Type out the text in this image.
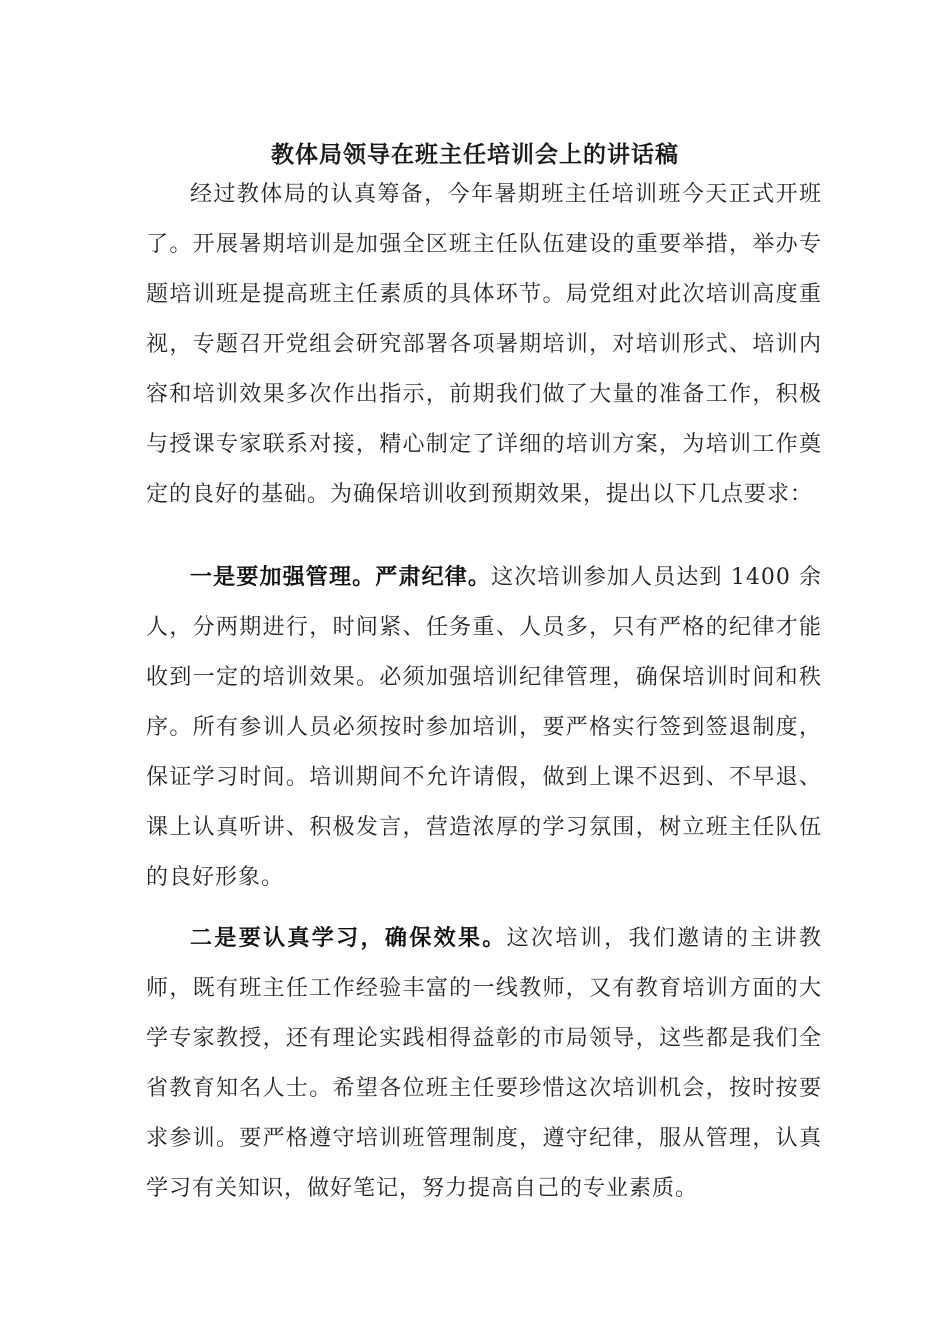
教体局领导在班主任培训会上的讲话稿

经过教体局的认真筹备，今年暑期班主任培训班今天正式开班了。开展暑期培训是加强全区班主任队伍建设的重要举措，举办专题培训班是提高班主任素质的具体环节。局党组对此次培训高度重视，专题召开党组会研究部署各项暑期培训，对培训形式、培训内容和培训效果多次作出指示，前期我们做了大量的准备工作，积极与授课专家联系对接，精心制定了详细的培训方案，为培训工作奠定的良好的基础。为确保培训收到预期效果，提出以下几点要求：

一是要加强管理。严肃纪律。这次培训参加人员达到 1400 余人，分两期进行，时间紧、任务重、人员多，只有严格的纪律才能收到一定的培训效果。必须加强培训纪律管理，确保培训时间和秩序。所有参训人员必须按时参加培训，要严格实行签到签退制度，保证学习时间。培训期间不允许请假，做到上课不迟到、不早退、课上认真听讲、积极发言，营造浓厚的学习氛围，树立班主任队伍的良好形象。

二是要认真学习，确保效果。这次培训，我们邀请的主讲教师，既有班主任工作经验丰富的一线教师，又有教育培训方面的大学专家教授，还有理论实践相得益彰的市局领导，这些都是我们全省教育知名人士。希望各位班主任要珍惜这次培训机会，按时按要求参训。要严格遵守培训班管理制度，遵守纪律，服从管理，认真学习有关知识，做好笔记，努力提高自己的专业素质。
